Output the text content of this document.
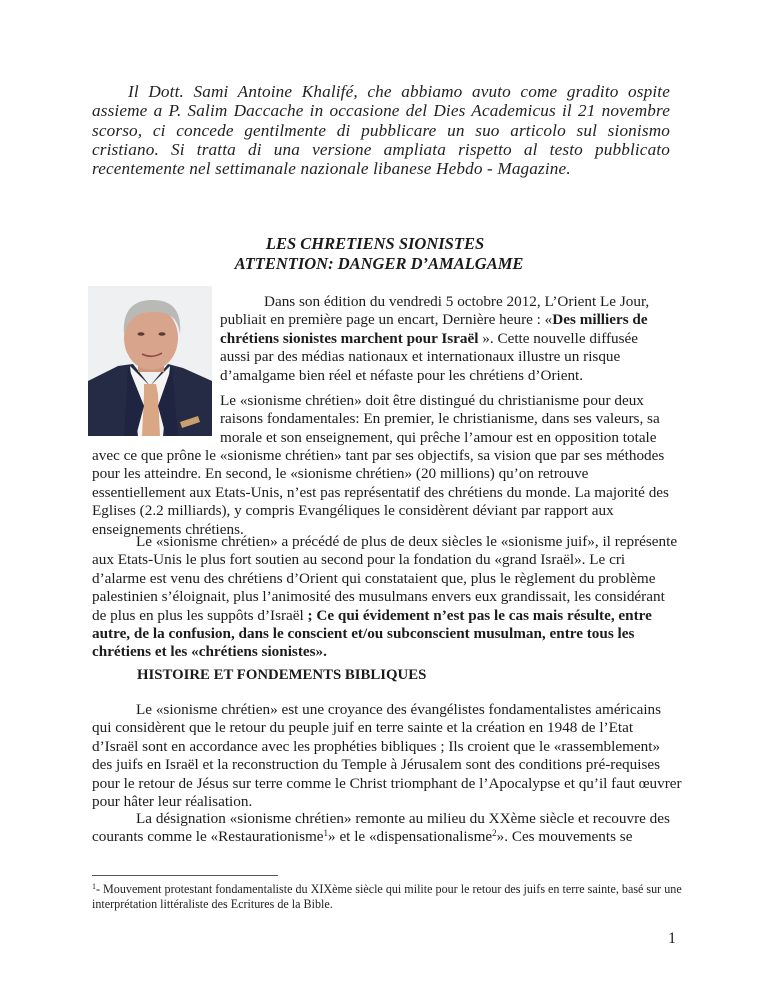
Il Dott. Sami Antoine Khalifé, che abbiamo avuto come gradito ospite assieme a P. Salim Daccache in occasione del Dies Academicus il 21 novembre scorso, ci concede gentilmente di pubblicare un suo articolo sul sionismo cristiano. Si tratta di una versione ampliata rispetto al testo pubblicato recentemente nel settimanale nazionale libanese Hebdo - Magazine.

LES CHRETIENS SIONISTES
ATTENTION: DANGER D’AMALGAME

Dans son édition du vendredi 5 octobre 2012, L’Orient Le Jour, publiait en première page un encart, Dernière heure : «Des milliers de chrétiens sionistes marchent pour Israël ». Cette nouvelle diffusée aussi par des médias nationaux et internationaux illustre un risque d’amalgame bien réel et néfaste pour les chrétiens d’Orient.

Le «sionisme chrétien» doit être distingué du christianisme pour deux raisons fondamentales: En premier, le christianisme, dans ses valeurs, sa morale et son enseignement, qui prêche l’amour est en opposition totale

avec ce que prône le «sionisme chrétien» tant par ses objectifs, sa vision que par ses méthodes pour les atteindre. En second, le «sionisme chrétien» (20 millions) qu’on retrouve essentiellement aux Etats-Unis, n’est pas représentatif des chrétiens du monde. La majorité des Eglises (2.2 milliards), y compris Evangéliques le considèrent déviant par rapport aux enseignements chrétiens.

Le «sionisme chrétien» a précédé de plus de deux siècles le «sionisme juif», il représente aux Etats-Unis le plus fort soutien au second pour la fondation du «grand Israël». Le cri d’alarme est venu des chrétiens d’Orient qui constataient que, plus le règlement du problème palestinien s’éloignait, plus l’animosité des musulmans envers eux grandissait, les considérant de plus en plus les suppôts d’Israël ; Ce qui évidement n’est pas le cas mais résulte, entre autre, de la confusion, dans le conscient et/ou subconscient musulman, entre tous les chrétiens et les «chrétiens sionistes».

HISTOIRE ET FONDEMENTS BIBLIQUES

Le «sionisme chrétien» est une croyance des évangélistes fondamentalistes américains qui considèrent que le retour du peuple juif en terre sainte et la création en 1948 de l’Etat d’Israël sont en accordance avec les prophéties bibliques ; Ils croient que le «rassemblement» des juifs en Israël et la reconstruction du Temple à Jérusalem sont des conditions pré-requises pour le retour de Jésus sur terre comme le Christ triomphant de l’Apocalypse et qu’il faut œuvrer pour hâter leur réalisation.

La désignation «sionisme chrétien» remonte au milieu du XXème siècle et recouvre des courants comme le «Restaurationisme$^1$» et le «dispensationalisme$^2$». Ces mouvements se

$^1$- Mouvement protestant fondamentaliste du XIXème siècle qui milite pour le retour des juifs en terre sainte, basé sur une interprétation littéraliste des Ecritures de la Bible.

1
